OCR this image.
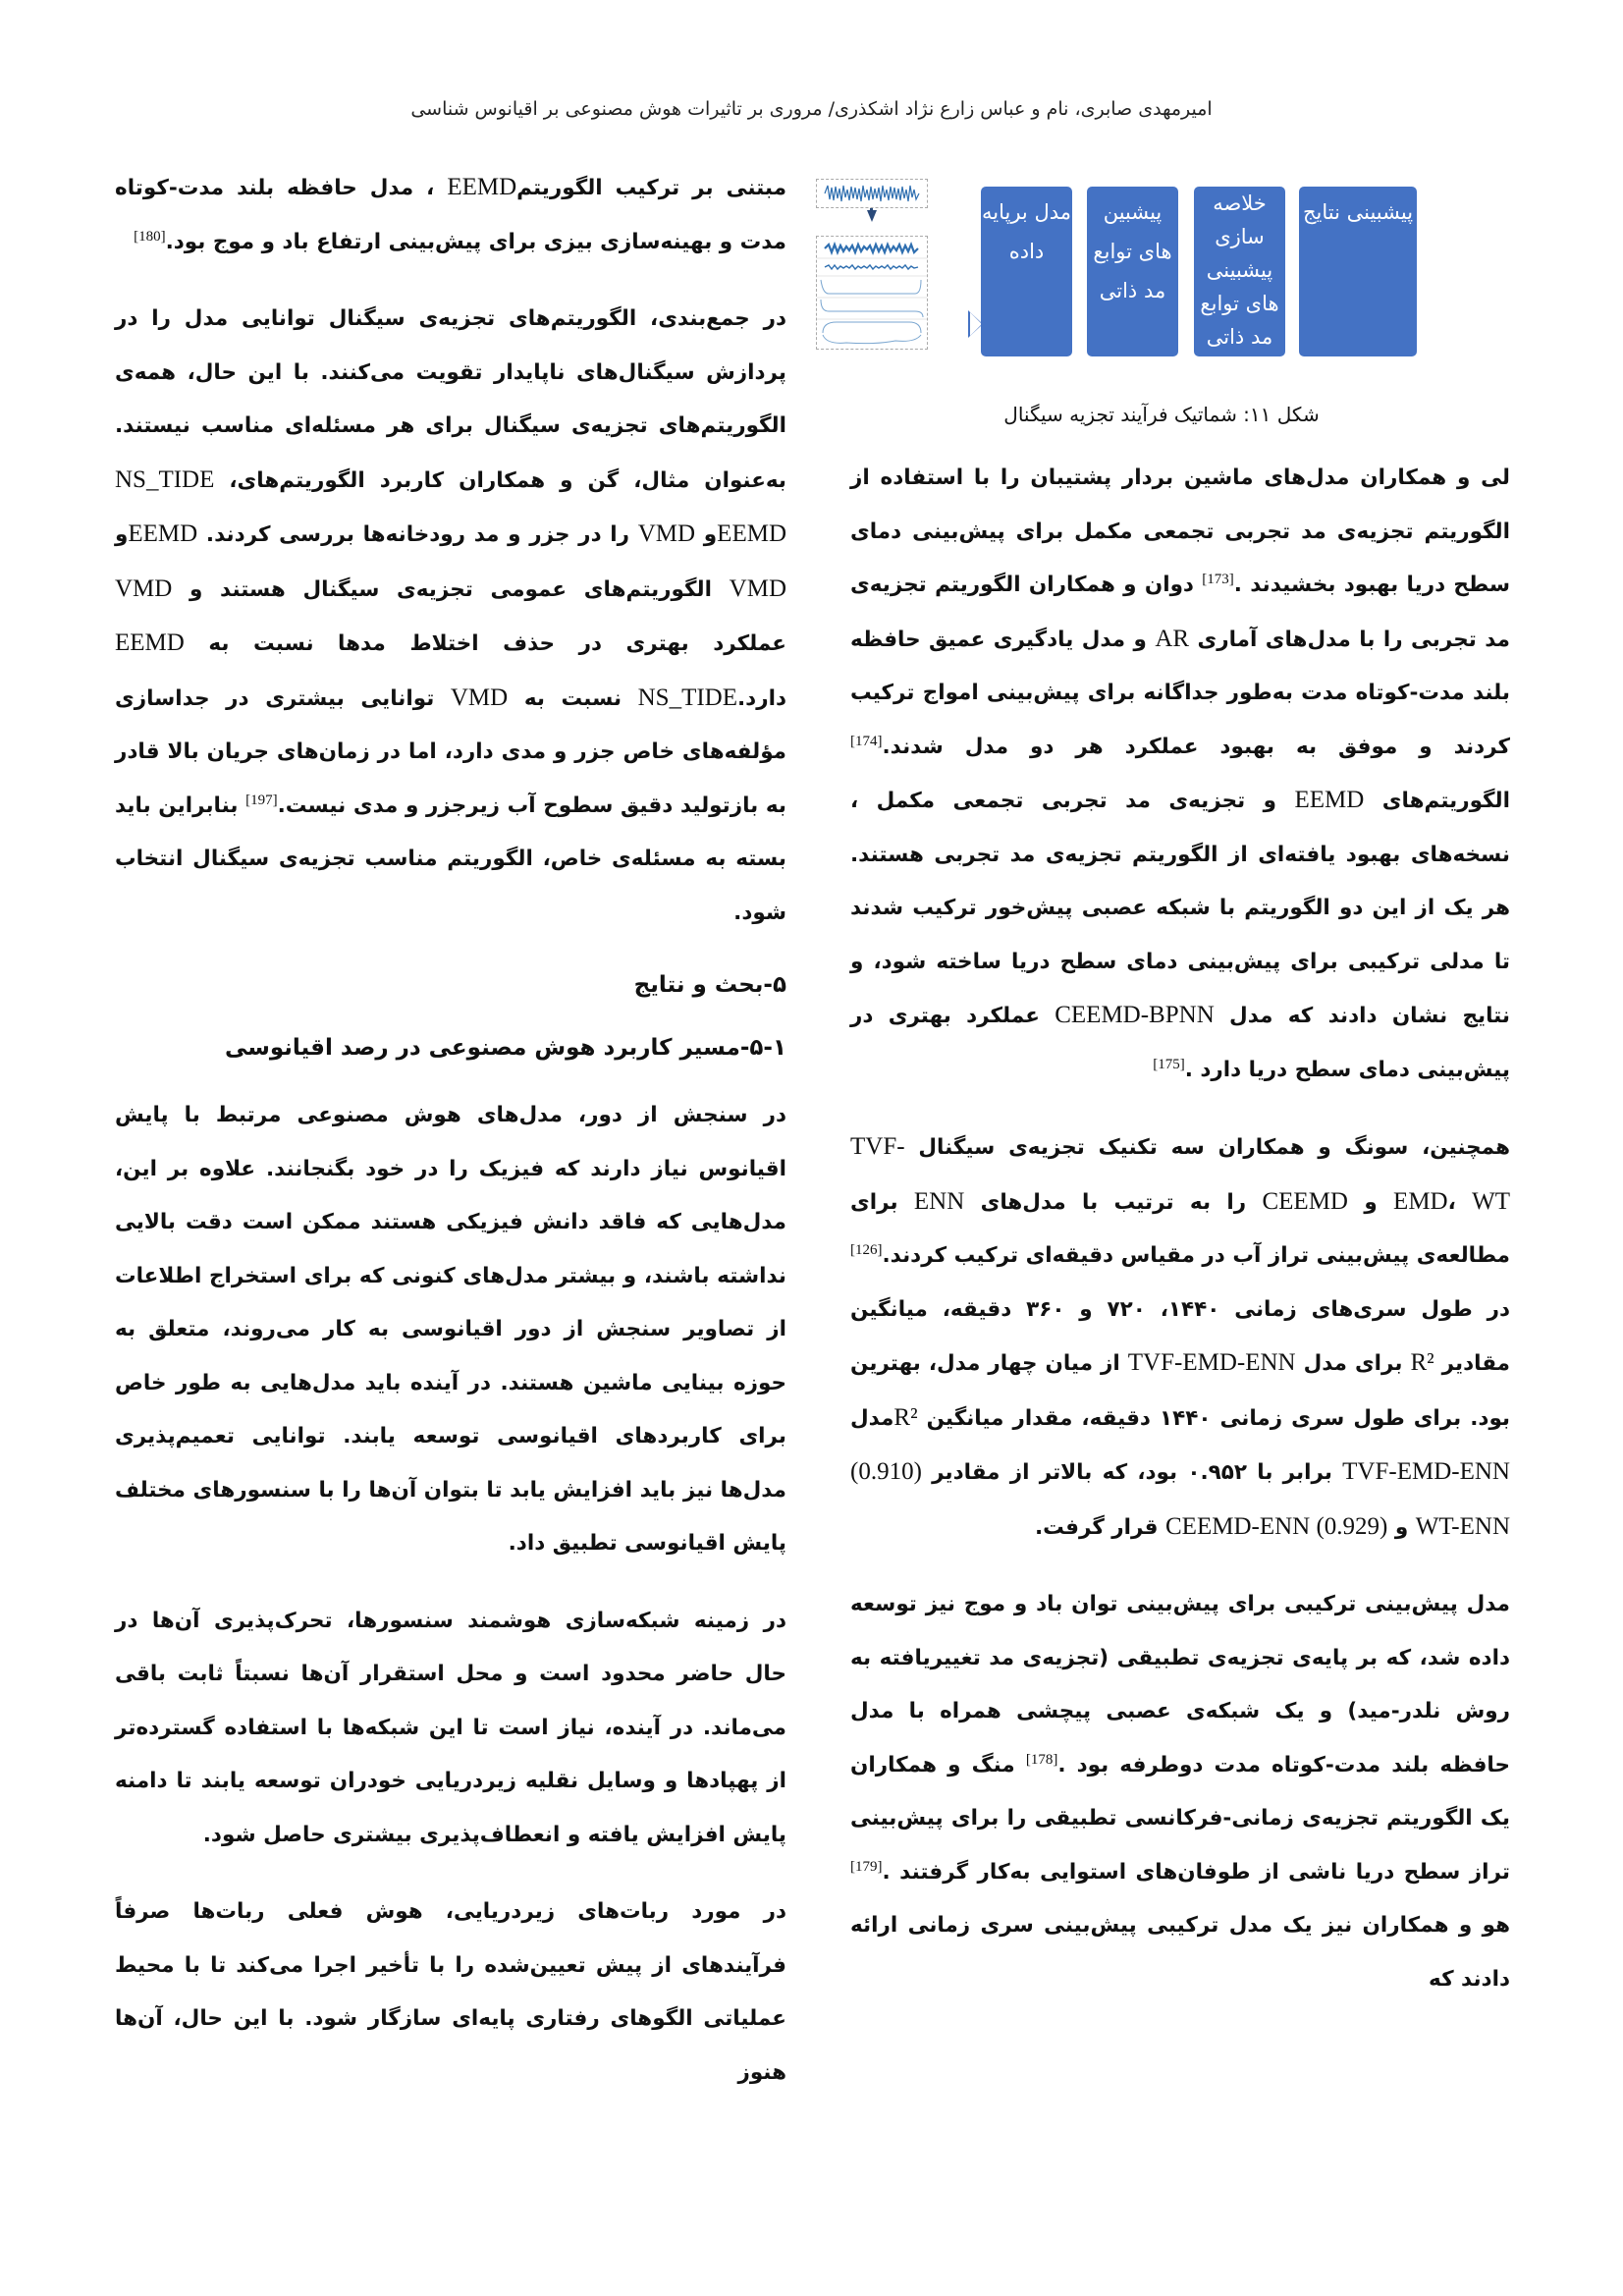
امیرمهدی صابری، نام و عباس زارع نژاد اشکذری/ مروری بر تاثیرات هوش مصنوعی بر اقیانوس شناسی
مدل برپایه داده
پیشبین های توابع مد ذاتی
خلاصه سازی پیشبینی های توابع مد ذاتی
پیشبینی نتایج
شکل ۱۱: شماتیک فرآیند تجزیه سیگنال

لی و همکاران مدل‌های ماشین بردار پشتیبان را با استفاده از الگوریتم تجزیه‌ی مد تجربی تجمعی مکمل برای پیش‌بینی دمای سطح دریا بهبود بخشیدند .[173] دوان و همکاران الگوریتم تجزیه‌ی مد تجربی را با مدل‌های آماری AR و مدل یادگیری عمیق حافظه بلند مدت-کوتاه مدت به‌طور جداگانه برای پیش‌بینی امواج ترکیب کردند و موفق به بهبود عملکرد هر دو مدل شدند.[174] الگوریتم‌های EEMD و تجزیه‌ی مد تجربی تجمعی مکمل ، نسخه‌های بهبود یافته‌ای از الگوریتم تجزیه‌ی مد تجربی هستند. هر یک از این دو الگوریتم با شبکه عصبی پیش‌خور ترکیب شدند تا مدلی ترکیبی برای پیش‌بینی دمای سطح دریا ساخته شود، و نتایج نشان دادند که مدل CEEMD-BPNN عملکرد بهتری در پیش‌بینی دمای سطح دریا دارد .[175]

همچنین، سونگ و همکاران سه تکنیک تجزیه‌ی سیگنال TVF-EMD، WT و CEEMD را به ترتیب با مدل‌های ENN برای مطالعه‌ی پیش‌بینی تراز آب در مقیاس دقیقه‌ای ترکیب کردند.[126] در طول سری‌های زمانی ۱۴۴۰، ۷۲۰ و ۳۶۰ دقیقه، میانگین مقادیر R² برای مدل TVF-EMD-ENN از میان چهار مدل، بهترین بود. برای طول سری زمانی ۱۴۴۰ دقیقه، مقدار میانگین R²مدل TVF-EMD-ENN برابر با ۰.۹۵۲ بود، که بالاتر از مقادیر (0.910) WT-ENN و (0.929) CEEMD-ENN قرار گرفت.

مدل پیش‌بینی ترکیبی برای پیش‌بینی توان باد و موج نیز توسعه داده شد، که بر پایه‌ی تجزیه‌ی تطبیقی (تجزیه‌ی مد تغییریافته به روش نلدر-مید) و یک شبکه‌ی عصبی پیچشی همراه با مدل حافظه بلند مدت-کوتاه مدت دوطرفه بود .[178] منگ و همکاران یک الگوریتم تجزیه‌ی زمانی-فرکانسی تطبیقی را برای پیش‌بینی تراز سطح دریا ناشی از طوفان‌های استوایی به‌کار گرفتند .[179] هو و همکاران نیز یک مدل ترکیبی پیش‌بینی سری زمانی ارائه دادند که

مبتنی بر ترکیب الگوریتمEEMD ، مدل حافظه بلند مدت-کوتاه مدت و بهینه‌سازی بیزی برای پیش‌بینی ارتفاع باد و موج بود.[180]

در جمع‌بندی، الگوریتم‌های تجزیه‌ی سیگنال توانایی مدل را در پردازش سیگنال‌های ناپایدار تقویت می‌کنند. با این حال، همه‌ی الگوریتم‌های تجزیه‌ی سیگنال برای هر مسئله‌ای مناسب نیستند. به‌عنوان مثال، گن و همکاران کاربرد الگوریتم‌هایNS_TIDE ، EEMDو VMD را در جزر و مد رودخانه‌ها بررسی کردند. EEMDو VMD الگوریتم‌های عمومی تجزیه‌ی سیگنال هستند و VMD عملکرد بهتری در حذف اختلاط مدها نسبت به EEMD دارد.NS_TIDE نسبت به VMD توانایی بیشتری در جداسازی مؤلفه‌های خاص جزر و مدی دارد، اما در زمان‌های جریان بالا قادر به بازتولید دقیق سطوح آب زیرجزر و مدی نیست.[197] بنابراین باید بسته به مسئله‌ی خاص، الگوریتم مناسب تجزیه‌ی سیگنال انتخاب شود.

۵-بحث و نتایج
۵-۱-مسیر کاربرد هوش مصنوعی در رصد اقیانوسی

در سنجش از دور، مدل‌های هوش مصنوعی مرتبط با پایش اقیانوس نیاز دارند که فیزیک را در خود بگنجانند. علاوه بر این، مدل‌هایی که فاقد دانش فیزیکی هستند ممکن است دقت بالایی نداشته باشند، و بیشتر مدل‌های کنونی که برای استخراج اطلاعات از تصاویر سنجش از دور اقیانوسی به کار می‌روند، متعلق به حوزه بینایی ماشین هستند. در آینده باید مدل‌هایی به طور خاص برای کاربردهای اقیانوسی توسعه یابند. توانایی تعمیم‌پذیری مدل‌ها نیز باید افزایش یابد تا بتوان آن‌ها را با سنسورهای مختلف پایش اقیانوسی تطبیق داد.

در زمینه شبکه‌سازی هوشمند سنسورها، تحرک‌پذیری آن‌ها در حال حاضر محدود است و محل استقرار آن‌ها نسبتاً ثابت باقی می‌ماند. در آینده، نیاز است تا این شبکه‌ها با استفاده گسترده‌تر از پهپادها و وسایل نقلیه زیردریایی خودران توسعه یابند تا دامنه پایش افزایش یافته و انعطاف‌پذیری بیشتری حاصل شود.

در مورد ربات‌های زیردریایی، هوش فعلی ربات‌ها صرفاً فرآیندهای از پیش تعیین‌شده را با تأخیر اجرا می‌کند تا با محیط عملیاتی الگوهای رفتاری پایه‌ای سازگار شود. با این حال، آن‌ها هنوز
